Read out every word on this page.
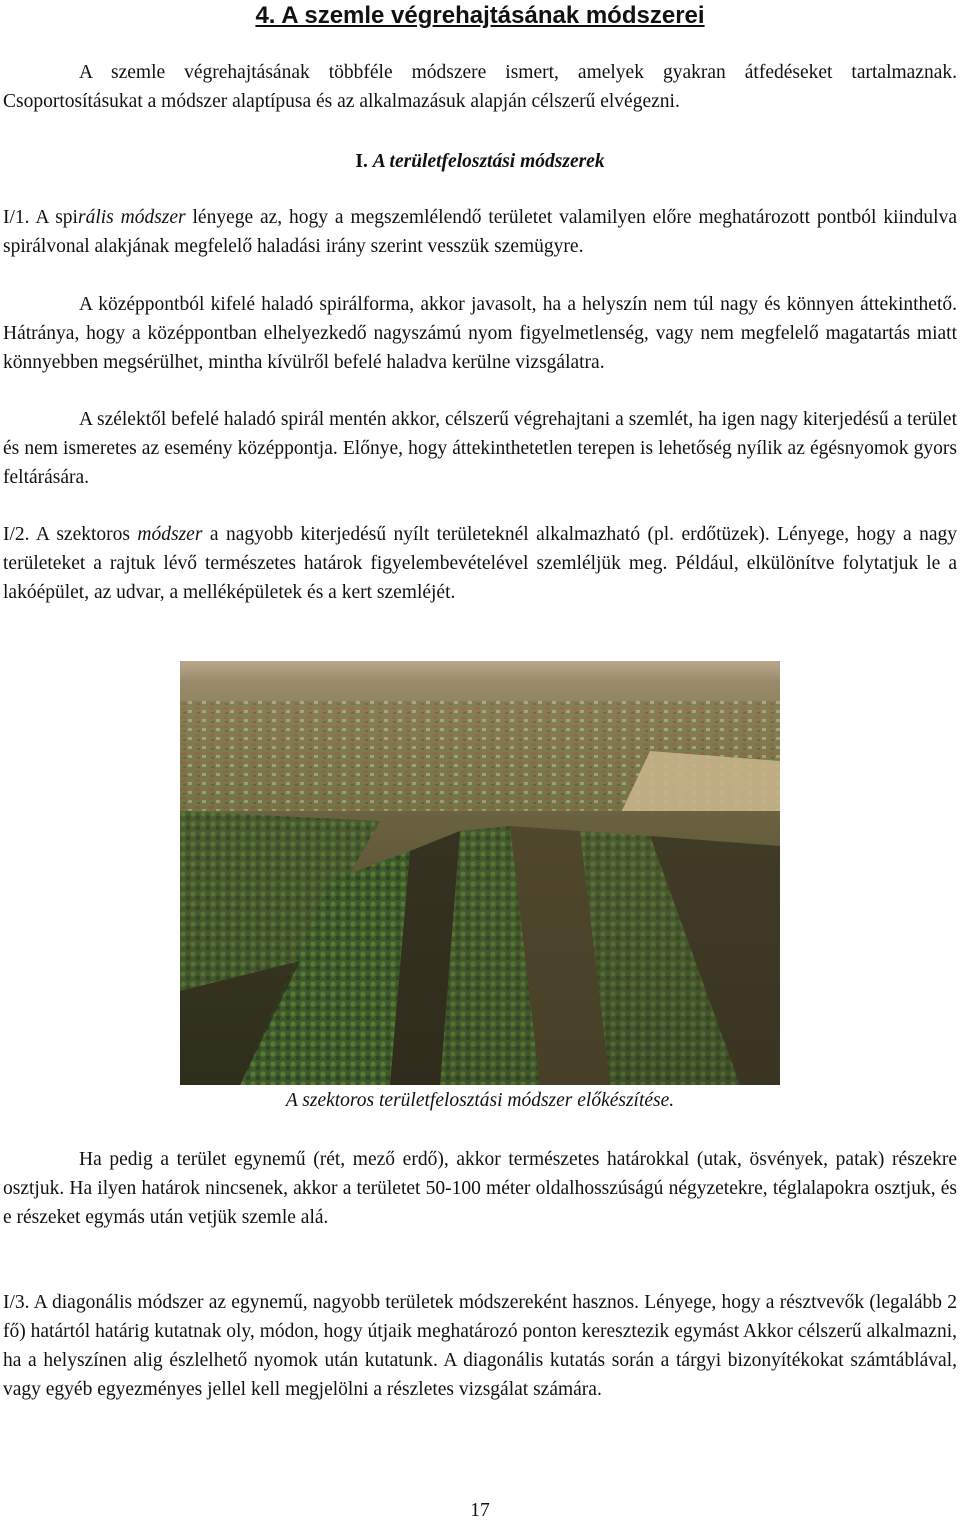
4. A szemle végrehajtásának módszerei

A szemle végrehajtásának többféle módszere ismert, amelyek gyakran átfedéseket tartalmaznak. Csoportosításukat a módszer alaptípusa és az alkalmazásuk alapján célszerű elvégezni.

I. A területfelosztási módszerek

I/1. A spirális módszer lényege az, hogy a megszemlélendő területet valamilyen előre meghatározott pontból kiindulva spirálvonal alakjának megfelelő haladási irány szerint vesszük szemügyre.

A középpontból kifelé haladó spirálforma, akkor javasolt, ha a helyszín nem túl nagy és könnyen áttekinthető. Hátránya, hogy a középpontban elhelyezkedő nagyszámú nyom figyelmetlenség, vagy nem megfelelő magatartás miatt könnyebben megsérülhet, mintha kívülről befelé haladva kerülne vizsgálatra.

A szélektől befelé haladó spirál mentén akkor, célszerű végrehajtani a szemlét, ha igen nagy kiterjedésű a terület és nem ismeretes az esemény középpontja. Előnye, hogy áttekinthetetlen terepen is lehetőség nyílik az égésnyomok gyors feltárására.

I/2. A szektoros módszer a nagyobb kiterjedésű nyílt területeknél alkalmazható (pl. erdőtüzek). Lényege, hogy a nagy területeket a rajtuk lévő természetes határok figyelembevételével szemléljük meg. Például, elkülönítve folytatjuk le a lakóépület, az udvar, a melléképületek és a kert szemléjét.

A szektoros területfelosztási módszer előkészítése.

Ha pedig a terület egynemű (rét, mező erdő), akkor természetes határokkal (utak, ösvények, patak) részekre osztjuk. Ha ilyen határok nincsenek, akkor a területet 50-100 méter oldalhosszúságú négyzetekre, téglalapokra osztjuk, és e részeket egymás után vetjük szemle alá.

I/3. A diagonális módszer az egynemű, nagyobb területek módszereként hasznos. Lényege, hogy a résztvevők (legalább 2 fő) határtól határig kutatnak oly, módon, hogy útjaik meghatározó ponton keresztezik egymást Akkor célszerű alkalmazni, ha a helyszínen alig észlelhető nyomok után kutatunk. A diagonális kutatás során a tárgyi bizonyítékokat számtáblával, vagy egyéb egyezményes jellel kell megjelölni a részletes vizsgálat számára.

17
